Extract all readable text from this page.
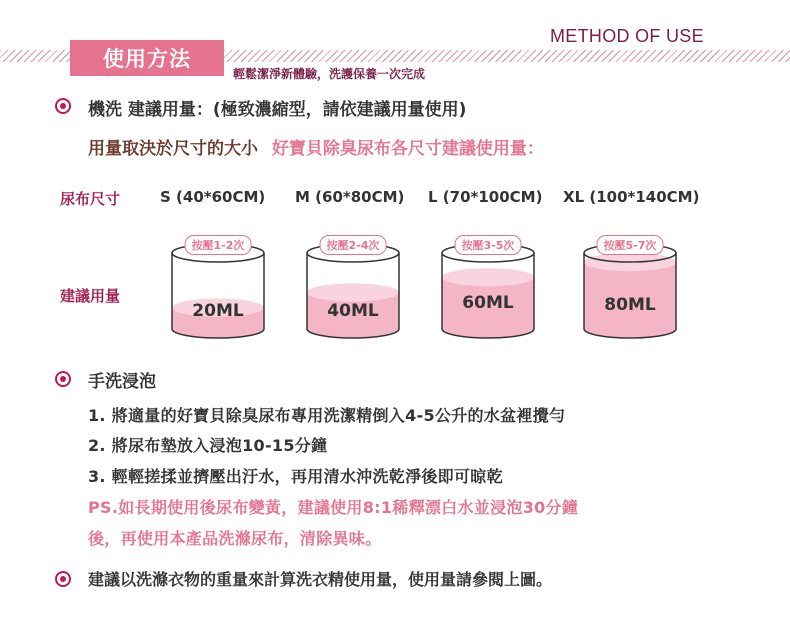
METHOD OF USE
使用方法
輕鬆潔淨新體驗，洗護保養一次完成
機洗 建議用量：(極致濃縮型，請依建議用量使用)
用量取決於尺寸的大小 好寶貝除臭尿布各尺寸建議使用量：
尿布尺寸	S (40*60CM) M (60*80CM) L (70*100CM) XL (100*140CM)
建議用量
按壓1-2次
20ML
按壓2-4次
40ML
按壓3-5次
60ML
按壓5-7次
80ML
手洗浸泡
1. 將適量的好寶貝除臭尿布專用洗潔精倒入4-5公升的水盆裡攪勻
2. 將尿布墊放入浸泡10-15分鐘
3. 輕輕搓揉並擠壓出汙水，再用清水沖洗乾淨後即可晾乾
PS.如長期使用後尿布變黃，建議使用8:1稀釋漂白水並浸泡30分鐘
後，再使用本產品洗滌尿布，清除異味。
建議以洗滌衣物的重量來計算洗衣精使用量，使用量請參閱上圖。
